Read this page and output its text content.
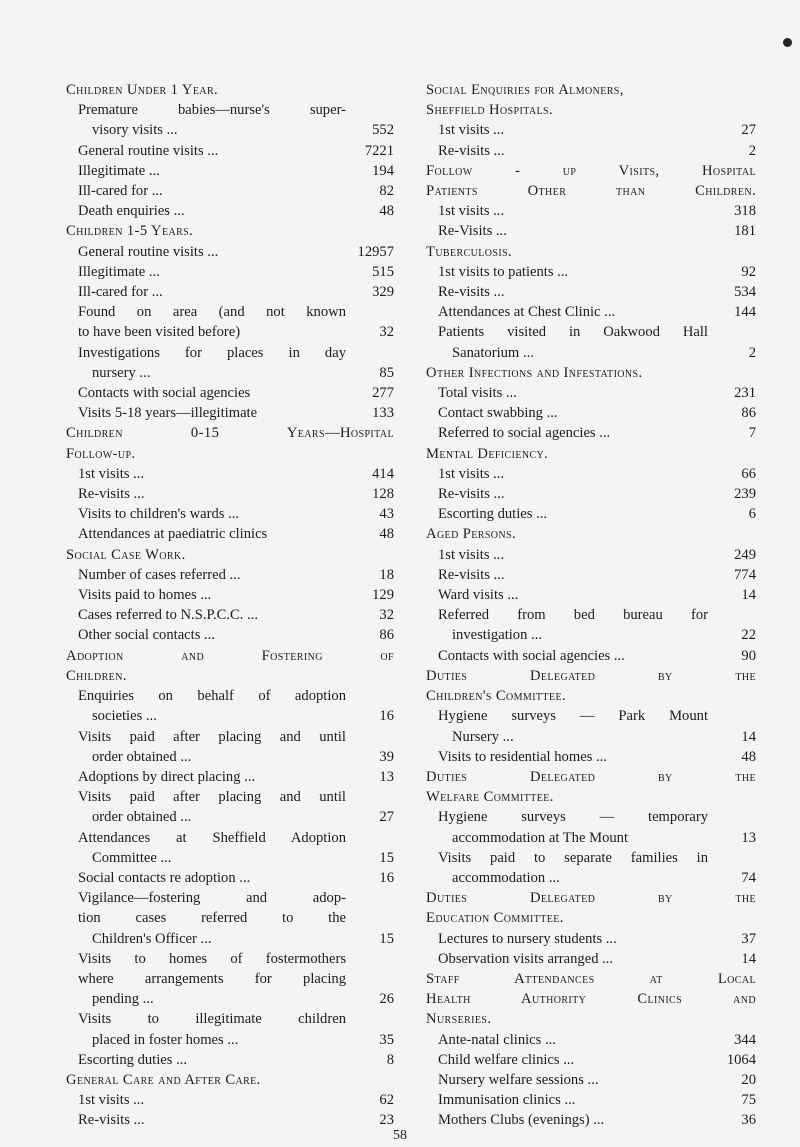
Children Under 1 Year.
Premature babies—nurse's super-
visory visits ...	552
General routine visits ...	7221
Illegitimate ...	194
Ill-cared for ...	82
Death enquiries ...	48
Children 1-5 Years.
General routine visits ...	12957
Illegitimate ...	515
Ill-cared for ...	329
Found on area (and not known
to have been visited before)	32
Investigations for places in day
nursery ...	85
Contacts with social agencies	277
Visits 5-18 years—illegitimate	133
Children 0-15 Years—Hospital
Follow-up.
1st visits ...	414
Re-visits ...	128
Visits to children's wards ...	43
Attendances at paediatric clinics	48
Social Case Work.
Number of cases referred ...	18
Visits paid to homes ...	129
Cases referred to N.S.P.C.C. ...	32
Other social contacts ...	86
Adoption and Fostering of
Children.
Enquiries on behalf of adoption
societies ...	16
Visits paid after placing and until
order obtained ...	39
Adoptions by direct placing ...	13
Visits paid after placing and until
order obtained ...	27
Attendances at Sheffield Adoption
Committee ...	15
Social contacts re adoption ...	16
Vigilance—fostering and adop-
tion cases referred to the
Children's Officer ...	15
Visits to homes of fostermothers
where arrangements for placing
pending ...	26
Visits to illegitimate children
placed in foster homes ...	35
Escorting duties ...	8
General Care and After Care.
1st visits ...	62
Re-visits ...	23
Social Enquiries for Almoners,
Sheffield Hospitals.
1st visits ...	27
Re-visits ...	2
Follow - up Visits, Hospital
Patients Other than Children.
1st visits ...	318
Re-Visits ...	181
Tuberculosis.
1st visits to patients ...	92
Re-visits ...	534
Attendances at Chest Clinic ...	144
Patients visited in Oakwood Hall
Sanatorium ...	2
Other Infections and Infestations.
Total visits ...	231
Contact swabbing ...	86
Referred to social agencies ...	7
Mental Deficiency.
1st visits ...	66
Re-visits ...	239
Escorting duties ...	6
Aged Persons.
1st visits ...	249
Re-visits ...	774
Ward visits ...	14
Referred from bed bureau for
investigation ...	22
Contacts with social agencies ...	90
Duties Delegated by the
Children's Committee.
Hygiene surveys — Park Mount
Nursery ...	14
Visits to residential homes ...	48
Duties Delegated by the
Welfare Committee.
Hygiene surveys — temporary
accommodation at The Mount	13
Visits paid to separate families in
accommodation ...	74
Duties Delegated by the
Education Committee.
Lectures to nursery students ...	37
Observation visits arranged ...	14
Staff Attendances at Local
Health Authority Clinics and
Nurseries.
Ante-natal clinics ...	344
Child welfare clinics ...	1064
Nursery welfare sessions ...	20
Immunisation clinics ...	75
Mothers Clubs (evenings) ...	36
58
